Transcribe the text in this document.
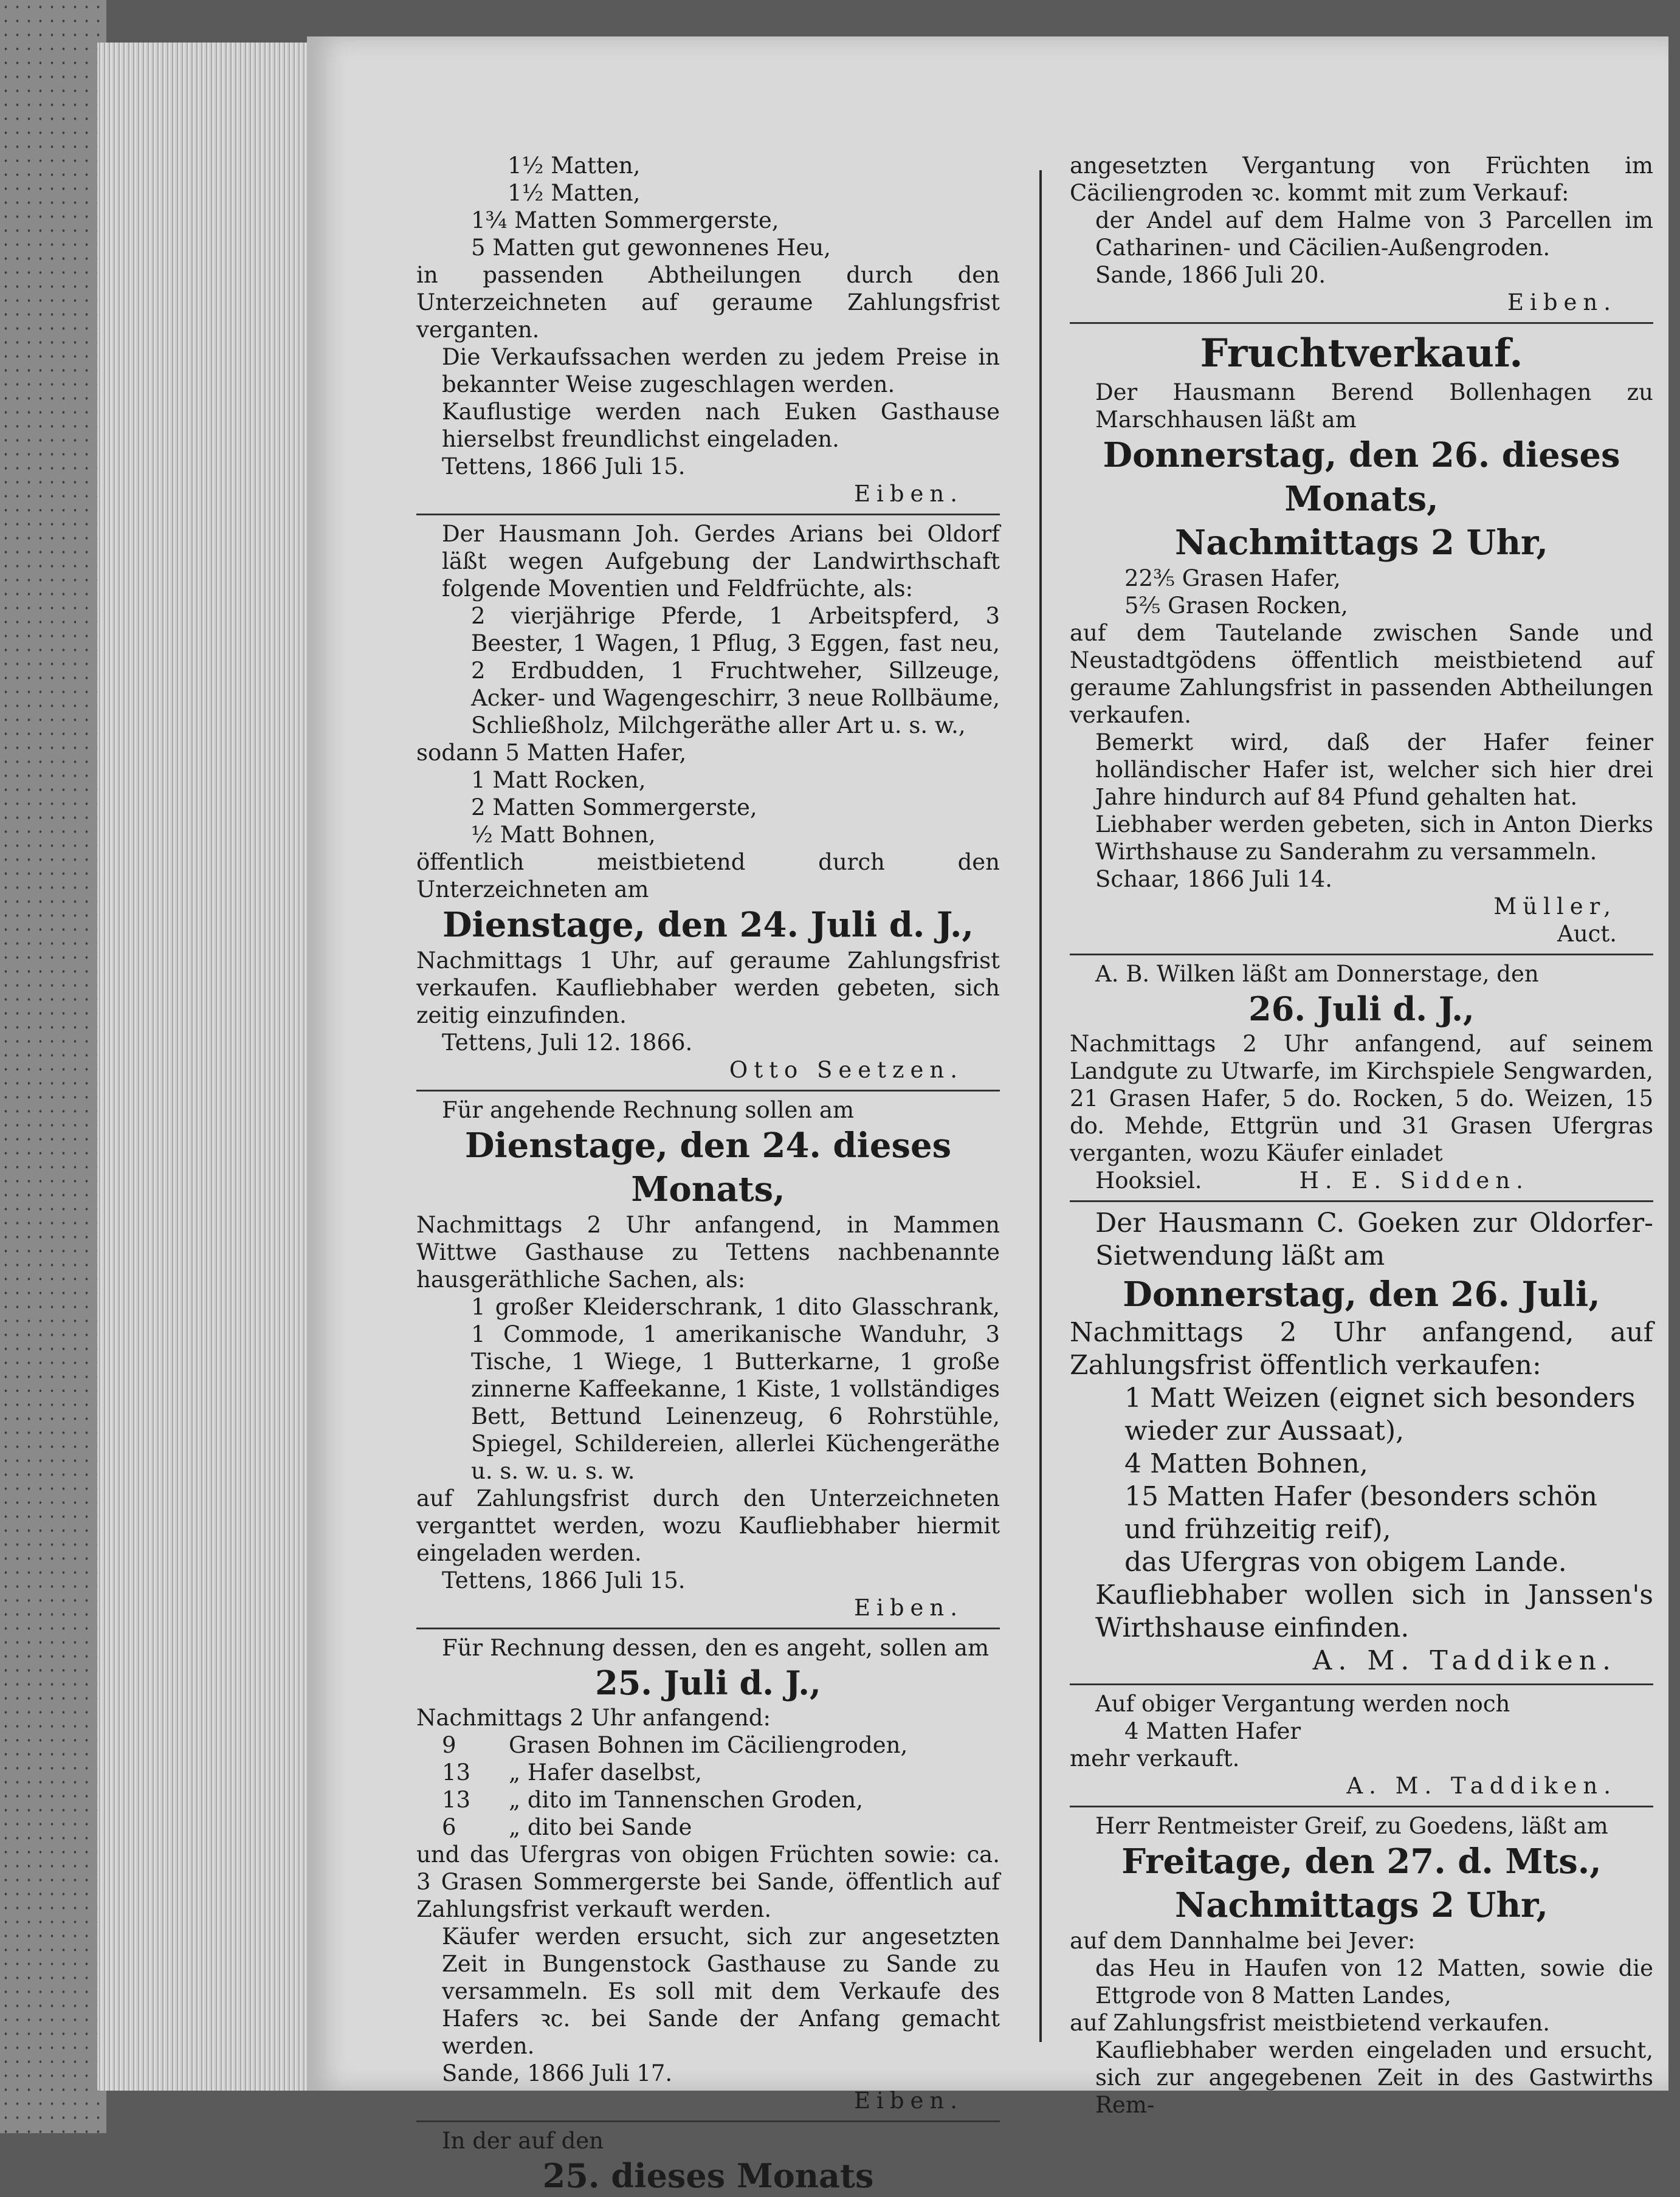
1½ Matten,

1½ Matten,

1¾ Matten Sommergerste,

5 Matten gut gewonnenes Heu,

in passenden Abtheilungen durch den Unterzeichneten auf geraume Zahlungsfrist verganten.

Die Verkaufssachen werden zu jedem Preise in bekannter Weise zugeschlagen werden.

Kauflustige werden nach Euken Gasthause hierselbst freundlichst eingeladen.

Tettens, 1866 Juli 15.

Eiben.

Der Hausmann Joh. Gerdes Arians bei Oldorf läßt wegen Aufgebung der Landwirthschaft folgende Moventien und Feldfrüchte, als:

2 vierjährige Pferde, 1 Arbeitspferd, 3 Beester, 1 Wagen, 1 Pflug, 3 Eggen, fast neu, 2 Erdbudden, 1 Fruchtweher, Sillzeuge, Acker- und Wagengeschirr, 3 neue Rollbäume, Schließholz, Milchgeräthe aller Art u. s. w.,

sodann 5 Matten Hafer,

1 Matt Rocken,

2 Matten Sommergerste,

½ Matt Bohnen,

öffentlich meistbietend durch den Unterzeichneten am

Dienstage, den 24. Juli d. J.,

Nachmittags 1 Uhr, auf geraume Zahlungsfrist verkaufen. Kaufliebhaber werden gebeten, sich zeitig einzufinden.

Tettens, Juli 12. 1866.

Otto Seetzen.

Für angehende Rechnung sollen am

Dienstage, den 24. dieses Monats,

Nachmittags 2 Uhr anfangend, in Mammen Wittwe Gasthause zu Tettens nachbenannte hausgeräthliche Sachen, als:

1 großer Kleiderschrank, 1 dito Glasschrank, 1 Commode, 1 amerikanische Wanduhr, 3 Tische, 1 Wiege, 1 Butterkarne, 1 große zinnerne Kaffeekanne, 1 Kiste, 1 vollständiges Bett, Bettund Leinenzeug, 6 Rohrstühle, Spiegel, Schildereien, allerlei Küchengeräthe u. s. w. u. s. w.

auf Zahlungsfrist durch den Unterzeichneten verganttet werden, wozu Kaufliebhaber hiermit eingeladen werden.

Tettens, 1866 Juli 15.

Eiben.

Für Rechnung dessen, den es angeht, sollen am

25. Juli d. J.,

Nachmittags 2 Uhr anfangend:

9 Grasen Bohnen im Cäciliengroden,

13 „ Hafer daselbst,

13 „ dito im Tannenschen Groden,

6 „ dito bei Sande

und das Ufergras von obigen Früchten sowie: ca. 3 Grasen Sommergerste bei Sande, öffentlich auf Zahlungsfrist verkauft werden.

Käufer werden ersucht, sich zur angesetzten Zeit in Bungenstock Gasthause zu Sande zu versammeln. Es soll mit dem Verkaufe des Hafers ꝛc. bei Sande der Anfang gemacht werden.

Sande, 1866 Juli 17.

Eiben.

In der auf den

25. dieses Monats

angesetzten Vergantung von Früchten im Cäciliengroden ꝛc. kommt mit zum Verkauf:

der Andel auf dem Halme von 3 Parcellen im Catharinen- und Cäcilien-Außengroden.

Sande, 1866 Juli 20.

Eiben.

Fruchtverkauf.

Der Hausmann Berend Bollenhagen zu Marschhausen läßt am

Donnerstag, den 26. dieses Monats,

Nachmittags 2 Uhr,

22⅗ Grasen Hafer,

5⅖ Grasen Rocken,

auf dem Tautelande zwischen Sande und Neustadtgödens öffentlich meistbietend auf geraume Zahlungsfrist in passenden Abtheilungen verkaufen.

Bemerkt wird, daß der Hafer feiner holländischer Hafer ist, welcher sich hier drei Jahre hindurch auf 84 Pfund gehalten hat.

Liebhaber werden gebeten, sich in Anton Dierks Wirthshause zu Sanderahm zu versammeln.

Schaar, 1866 Juli 14.

Müller,

Auct.

A. B. Wilken läßt am Donnerstage, den

26. Juli d. J.,

Nachmittags 2 Uhr anfangend, auf seinem Landgute zu Utwarfe, im Kirchspiele Sengwarden, 21 Grasen Hafer, 5 do. Rocken, 5 do. Weizen, 15 do. Mehde, Ettgrün und 31 Grasen Ufergras verganten, wozu Käufer einladet

Hooksiel.	H. E. Sidden.

Der Hausmann C. Goeken zur Oldorfer-Sietwendung läßt am

Donnerstag, den 26. Juli,

Nachmittags 2 Uhr anfangend, auf Zahlungsfrist öffentlich verkaufen:

1 Matt Weizen (eignet sich besonders wieder zur Aussaat),

4 Matten Bohnen,

15 Matten Hafer (besonders schön und frühzeitig reif),

das Ufergras von obigem Lande.

Kaufliebhaber wollen sich in Janssen's Wirthshause einfinden.

A. M. Taddiken.

Auf obiger Vergantung werden noch

4 Matten Hafer

mehr verkauft.

A. M. Taddiken.

Herr Rentmeister Greif, zu Goedens, läßt am

Freitage, den 27. d. Mts.,

Nachmittags 2 Uhr,

auf dem Dannhalme bei Jever:

das Heu in Haufen von 12 Matten, sowie die Ettgrode von 8 Matten Landes,

auf Zahlungsfrist meistbietend verkaufen.

Kaufliebhaber werden eingeladen und ersucht, sich zur angegebenen Zeit in des Gastwirths Rem-
